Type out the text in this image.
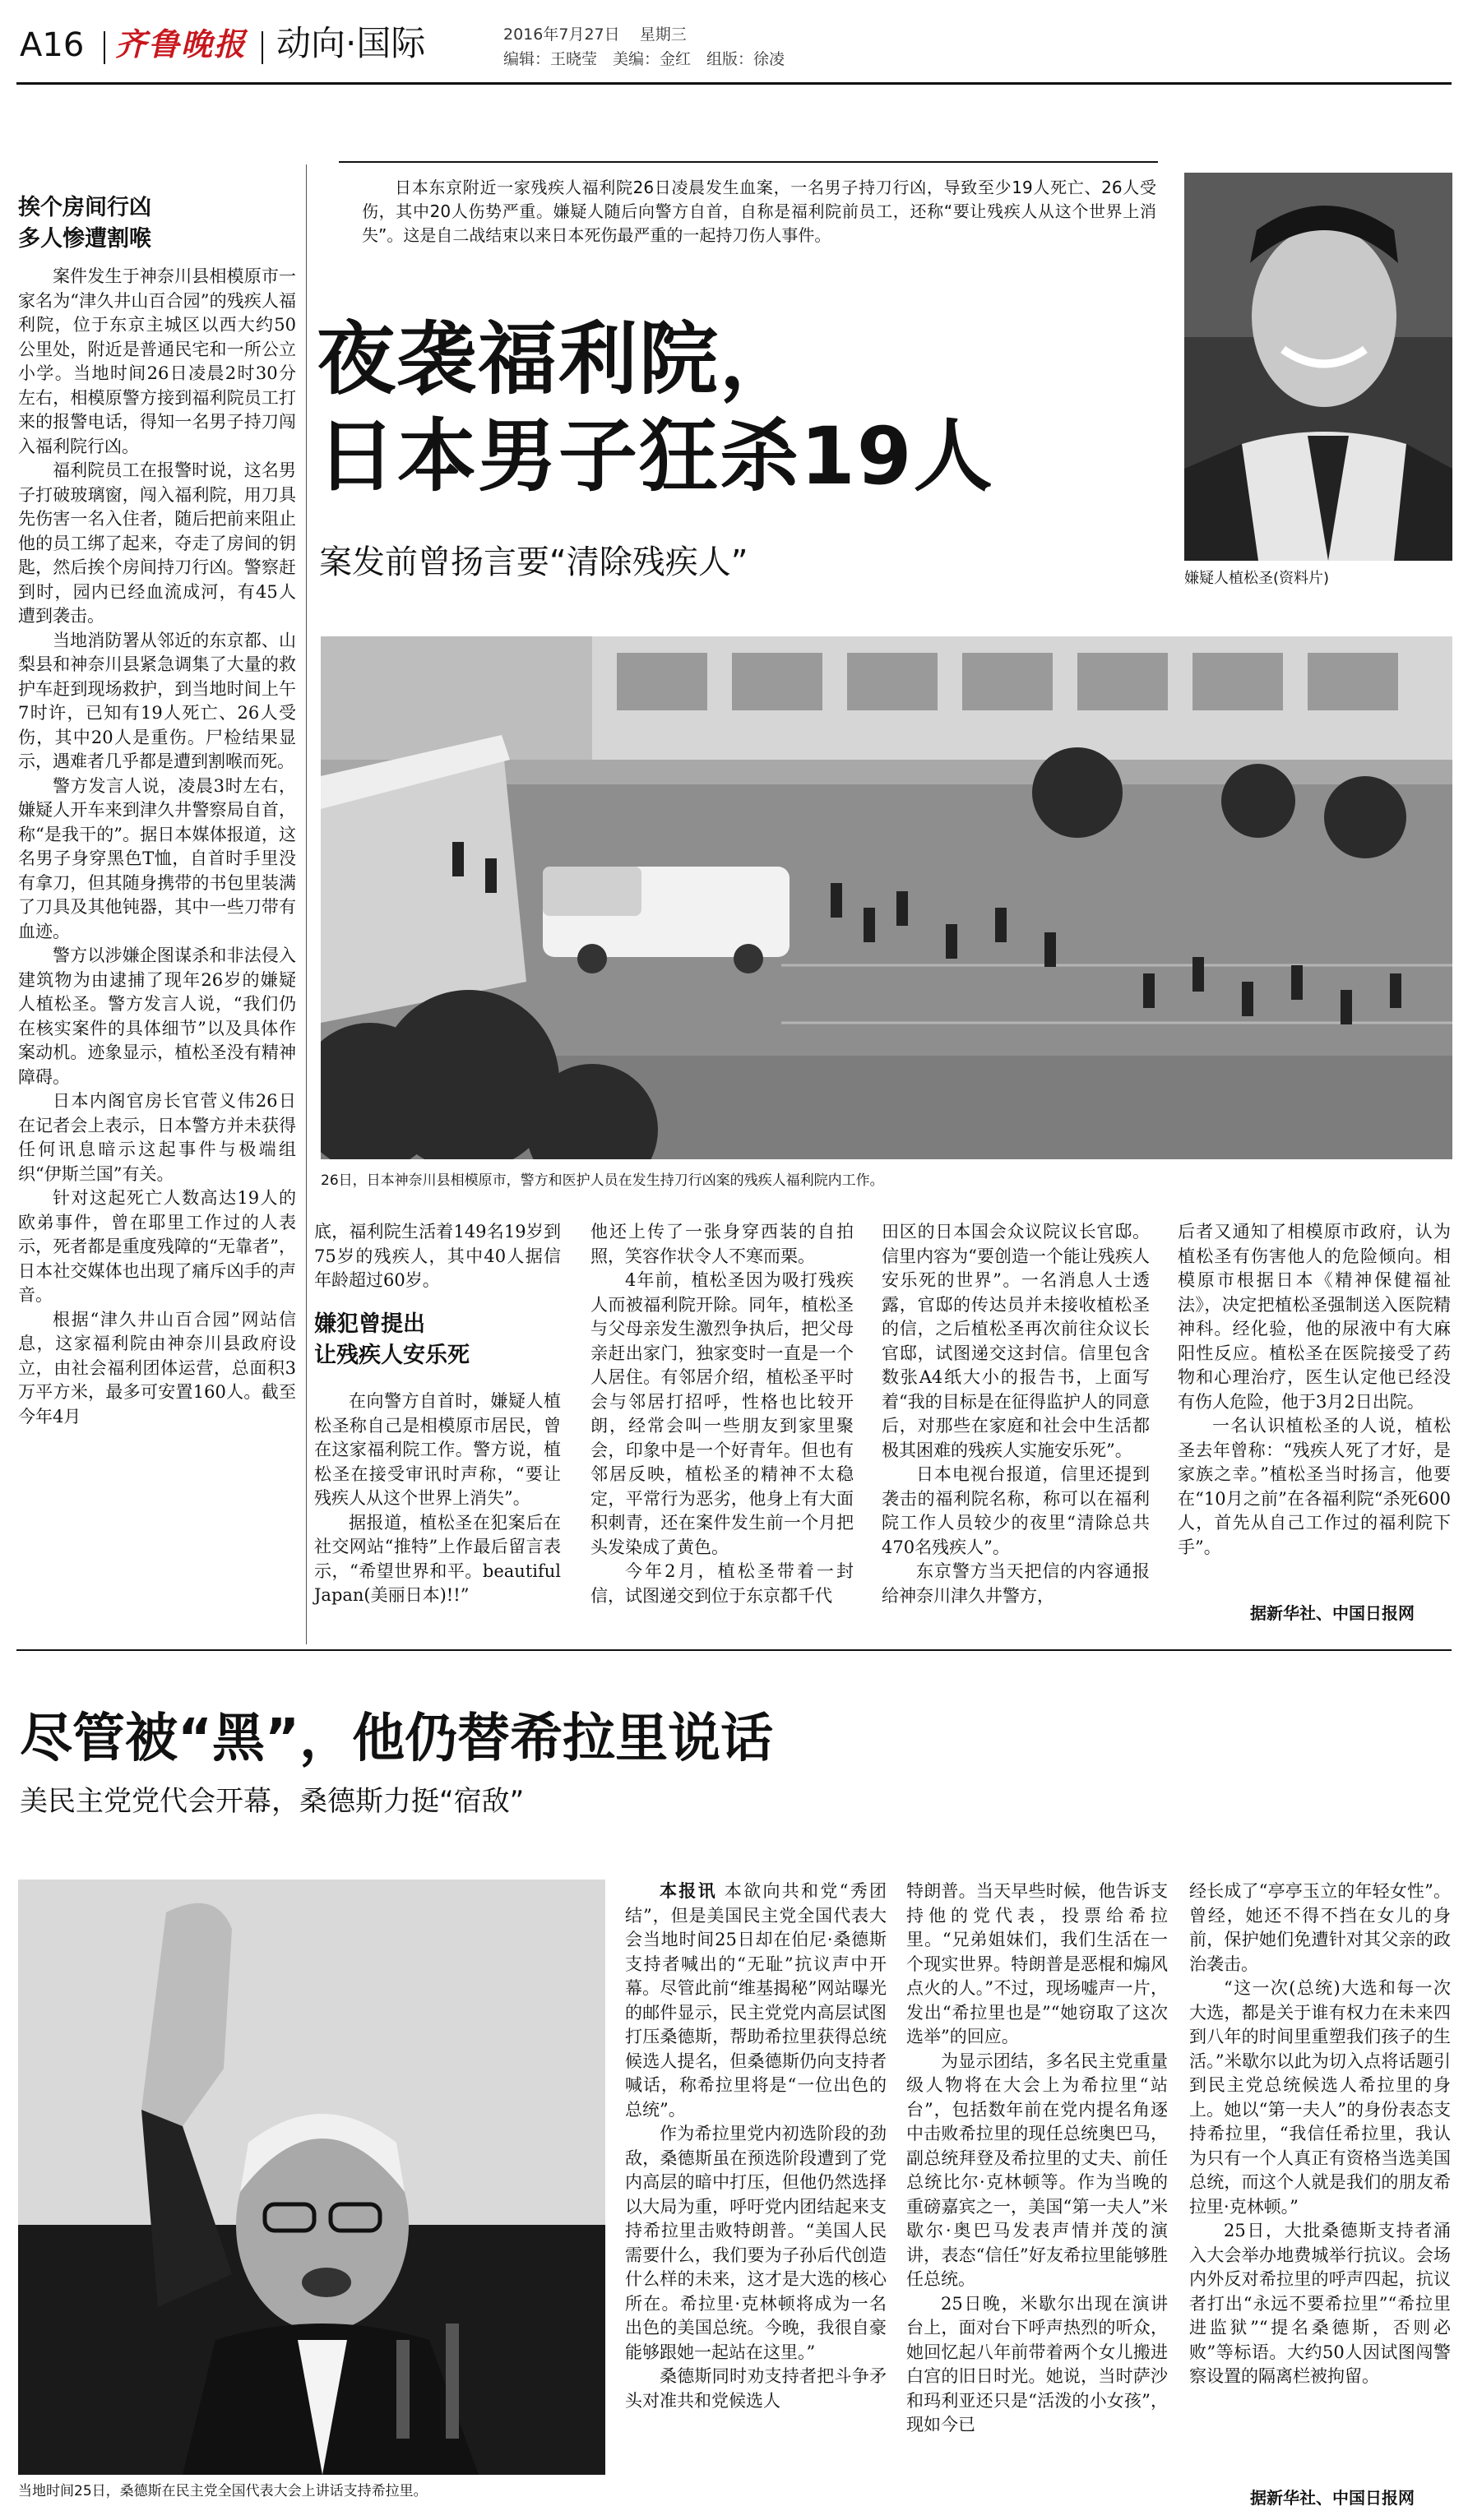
A16 齐鲁晚报 动向·国际	2016年7月27日 星期三
编辑：王晓莹　美编：金红　组版：徐凌
日本东京附近一家残疾人福利院26日凌晨发生血案，一名男子持刀行凶，导致至少19人死亡、26人受伤，其中20人伤势严重。嫌疑人随后向警方自首，自称是福利院前员工，还称“要让残疾人从这个世界上消失”。这是自二战结束以来日本死伤最严重的一起持刀伤人事件。
夜袭福利院，
日本男子狂杀19人
案发前曾扬言要“清除残疾人”	嫌疑人植松圣(资料片)
26日，日本神奈川县相模原市，警方和医护人员在发生持刀行凶案的残疾人福利院内工作。
挨个房间行凶
多人惨遭割喉

案件发生于神奈川县相模原市一家名为“津久井山百合园”的残疾人福利院，位于东京主城区以西大约50公里处，附近是普通民宅和一所公立小学。当地时间26日凌晨2时30分左右，相模原警方接到福利院员工打来的报警电话，得知一名男子持刀闯入福利院行凶。

福利院员工在报警时说，这名男子打破玻璃窗，闯入福利院，用刀具先伤害一名入住者，随后把前来阻止他的员工绑了起来，夺走了房间的钥匙，然后挨个房间持刀行凶。警察赶到时，园内已经血流成河，有45人遭到袭击。

当地消防署从邻近的东京都、山梨县和神奈川县紧急调集了大量的救护车赶到现场救护，到当地时间上午7时许，已知有19人死亡、26人受伤，其中20人是重伤。尸检结果显示，遇难者几乎都是遭到割喉而死。

警方发言人说，凌晨3时左右，嫌疑人开车来到津久井警察局自首，称“是我干的”。据日本媒体报道，这名男子身穿黑色T恤，自首时手里没有拿刀，但其随身携带的书包里装满了刀具及其他钝器，其中一些刀带有血迹。

警方以涉嫌企图谋杀和非法侵入建筑物为由逮捕了现年26岁的嫌疑人植松圣。警方发言人说，“我们仍在核实案件的具体细节”以及具体作案动机。迹象显示，植松圣没有精神障碍。

日本内阁官房长官菅义伟26日在记者会上表示，日本警方并未获得任何讯息暗示这起事件与极端组织“伊斯兰国”有关。

针对这起死亡人数高达19人的欧弟事件，曾在耶里工作过的人表示，死者都是重度残障的“无靠者”，日本社交媒体也出现了痛斥凶手的声音。

根据“津久井山百合园”网站信息，这家福利院由神奈川县政府设立，由社会福利团体运营，总面积3万平方米，最多可安置160人。截至今年4月

底，福利院生活着149名19岁到75岁的残疾人，其中40人据信年龄超过60岁。

嫌犯曾提出
让残疾人安乐死

在向警方自首时，嫌疑人植松圣称自己是相模原市居民，曾在这家福利院工作。警方说，植松圣在接受审讯时声称，“要让残疾人从这个世界上消失”。

据报道，植松圣在犯案后在社交网站“推特”上作最后留言表示，“希望世界和平。beautiful Japan(美丽日本)!!”

他还上传了一张身穿西装的自拍照，笑容作状令人不寒而栗。

4年前，植松圣因为吸打残疾人而被福利院开除。同年，植松圣与父母亲发生激烈争执后，把父母亲赶出家门，独家变时一直是一个人居住。有邻居介绍，植松圣平时会与邻居打招呼，性格也比较开朗，经常会叫一些朋友到家里聚会，印象中是一个好青年。但也有邻居反映，植松圣的精神不太稳定，平常行为恶劣，他身上有大面积刺青，还在案件发生前一个月把头发染成了黄色。

今年2月，植松圣带着一封信，试图递交到位于东京都千代

田区的日本国会众议院议长官邸。信里内容为“要创造一个能让残疾人安乐死的世界”。一名消息人士透露，官邸的传达员并未接收植松圣的信，之后植松圣再次前往众议长官邸，试图递交这封信。信里包含数张A4纸大小的报告书，上面写着“我的目标是在征得监护人的同意后，对那些在家庭和社会中生活都极其困难的残疾人实施安乐死”。

日本电视台报道，信里还提到袭击的福利院名称，称可以在福利院工作人员较少的夜里“清除总共470名残疾人”。

东京警方当天把信的内容通报给神奈川津久井警方，

后者又通知了相模原市政府，认为植松圣有伤害他人的危险倾向。相模原市根据日本《精神保健福祉法》，决定把植松圣强制送入医院精神科。经化验，他的尿液中有大麻阳性反应。植松圣在医院接受了药物和心理治疗，医生认定他已经没有伤人危险，他于3月2日出院。

一名认识植松圣的人说，植松圣去年曾称：“残疾人死了才好，是家族之幸。”植松圣当时扬言，他要在“10月之前”在各福利院“杀死600人，首先从自己工作过的福利院下手”。

据新华社、中国日报网
尽管被“黑”，他仍替希拉里说话
美民主党党代会开幕，桑德斯力挺“宿敌”
当地时间25日，桑德斯在民主党全国代表大会上讲话支持希拉里。

本报讯 本欲向共和党“秀团结”，但是美国民主党全国代表大会当地时间25日却在伯尼·桑德斯支持者喊出的“无耻”抗议声中开幕。尽管此前“维基揭秘”网站曝光的邮件显示，民主党党内高层试图打压桑德斯，帮助希拉里获得总统候选人提名，但桑德斯仍向支持者喊话，称希拉里将是“一位出色的总统”。

作为希拉里党内初选阶段的劲敌，桑德斯虽在预选阶段遭到了党内高层的暗中打压，但他仍然选择以大局为重，呼吁党内团结起来支持希拉里击败特朗普。“美国人民需要什么，我们要为子孙后代创造什么样的未来，这才是大选的核心所在。希拉里·克林顿将成为一名出色的美国总统。今晚，我很自豪能够跟她一起站在这里。”

桑德斯同时劝支持者把斗争矛头对准共和党候选人

特朗普。当天早些时候，他告诉支持他的党代表，投票给希拉里。“兄弟姐妹们，我们生活在一个现实世界。特朗普是恶棍和煽风点火的人。”不过，现场嘘声一片，发出“希拉里也是”“她窃取了这次选举”的回应。

为显示团结，多名民主党重量级人物将在大会上为希拉里“站台”，包括数年前在党内提名角逐中击败希拉里的现任总统奥巴马，副总统拜登及希拉里的丈夫、前任总统比尔·克林顿等。作为当晚的重磅嘉宾之一，美国“第一夫人”米歇尔·奥巴马发表声情并茂的演讲，表态“信任”好友希拉里能够胜任总统。

25日晚，米歇尔出现在演讲台上，面对台下呼声热烈的听众，她回忆起八年前带着两个女儿搬进白宫的旧日时光。她说，当时萨沙和玛利亚还只是“活泼的小女孩”，现如今已

经长成了“亭亭玉立的年轻女性”。曾经，她还不得不挡在女儿的身前，保护她们免遭针对其父亲的政治袭击。

“这一次(总统)大选和每一次大选，都是关于谁有权力在未来四到八年的时间里重塑我们孩子的生活。”米歇尔以此为切入点将话题引到民主党总统候选人希拉里的身上。她以“第一夫人”的身份表态支持希拉里，“我信任希拉里，我认为只有一个人真正有资格当选美国总统，而这个人就是我们的朋友希拉里·克林顿。”

25日，大批桑德斯支持者涌入大会举办地费城举行抗议。会场内外反对希拉里的呼声四起，抗议者打出“永远不要希拉里”“希拉里进监狱”“提名桑德斯，否则必败”等标语。大约50人因试图闯警察设置的隔离栏被拘留。

据新华社、中国日报网
